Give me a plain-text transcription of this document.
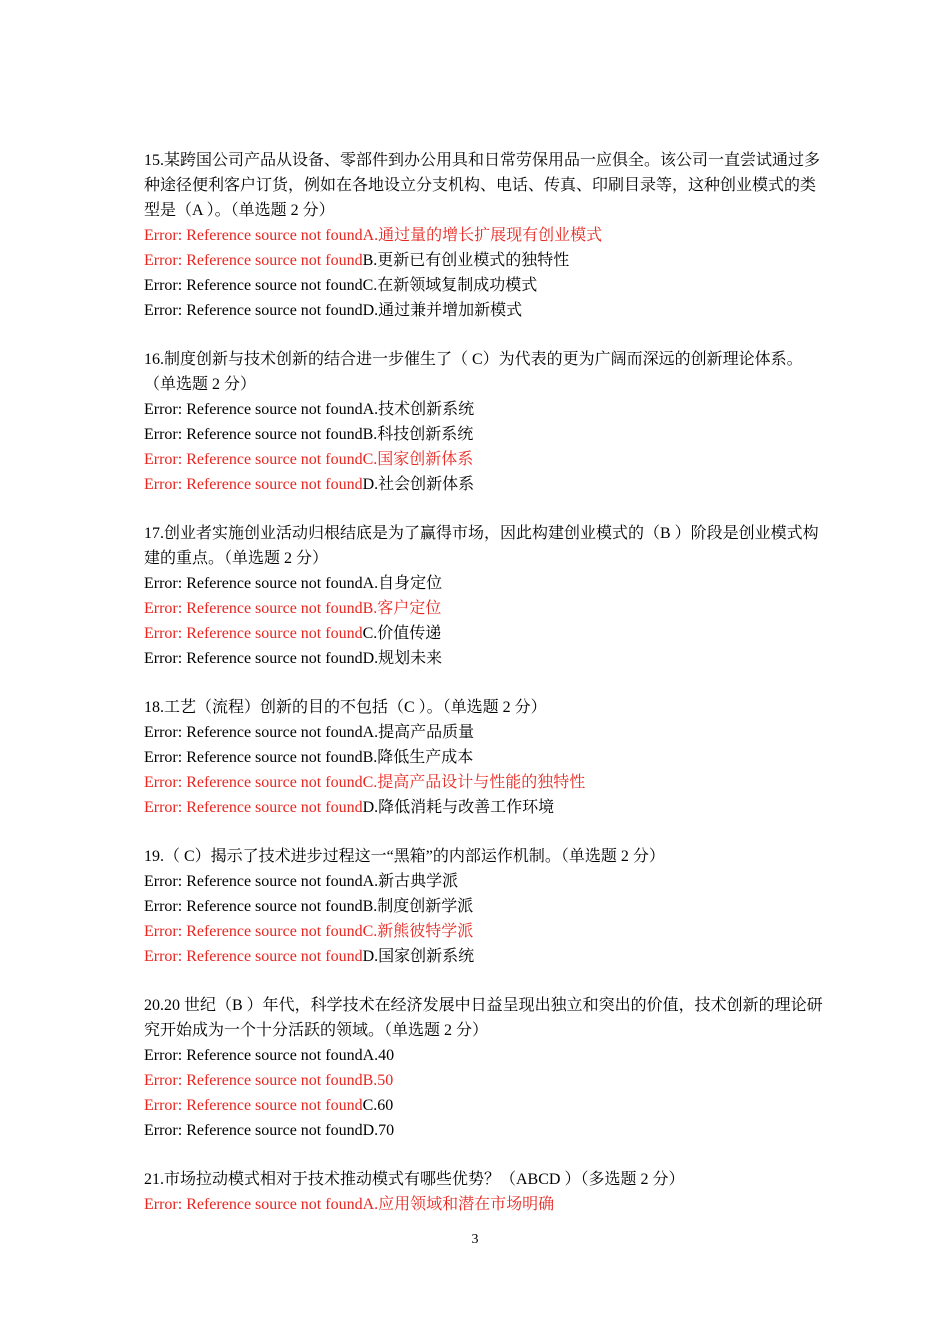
15.某跨国公司产品从设备、零部件到办公用具和日常劳保用品一应俱全。该公司一直尝试通过多种途径便利客户订货，例如在各地设立分支机构、电话、传真、印刷目录等，这种创业模式的类型是（A ）。（单选题 2 分）
Error: Reference source not foundA.通过量的增长扩展现有创业模式
Error: Reference source not foundB.更新已有创业模式的独特性
Error: Reference source not foundC.在新领域复制成功模式
Error: Reference source not foundD.通过兼并增加新模式
16.制度创新与技术创新的结合进一步催生了（ C）为代表的更为广阔而深远的创新理论体系。（单选题 2 分）
Error: Reference source not foundA.技术创新系统
Error: Reference source not foundB.科技创新系统
Error: Reference source not foundC.国家创新体系
Error: Reference source not foundD.社会创新体系
17.创业者实施创业活动归根结底是为了赢得市场，因此构建创业模式的（B ）阶段是创业模式构建的重点。（单选题 2 分）
Error: Reference source not foundA.自身定位
Error: Reference source not foundB.客户定位
Error: Reference source not foundC.价值传递
Error: Reference source not foundD.规划未来
18.工艺（流程）创新的目的不包括（C ）。（单选题 2 分）
Error: Reference source not foundA.提高产品质量
Error: Reference source not foundB.降低生产成本
Error: Reference source not foundC.提高产品设计与性能的独特性
Error: Reference source not foundD.降低消耗与改善工作环境
19.（ C）揭示了技术进步过程这一“黑箱”的内部运作机制。（单选题 2 分）
Error: Reference source not foundA.新古典学派
Error: Reference source not foundB.制度创新学派
Error: Reference source not foundC.新熊彼特学派
Error: Reference source not foundD.国家创新系统
20.20 世纪（B ）年代，科学技术在经济发展中日益呈现出独立和突出的价值，技术创新的理论研究开始成为一个十分活跃的领域。（单选题 2 分）
Error: Reference source not foundA.40
Error: Reference source not foundB.50
Error: Reference source not foundC.60
Error: Reference source not foundD.70
21.市场拉动模式相对于技术推动模式有哪些优势？（ABCD ）（多选题 2 分）
Error: Reference source not foundA.应用领域和潜在市场明确
3
